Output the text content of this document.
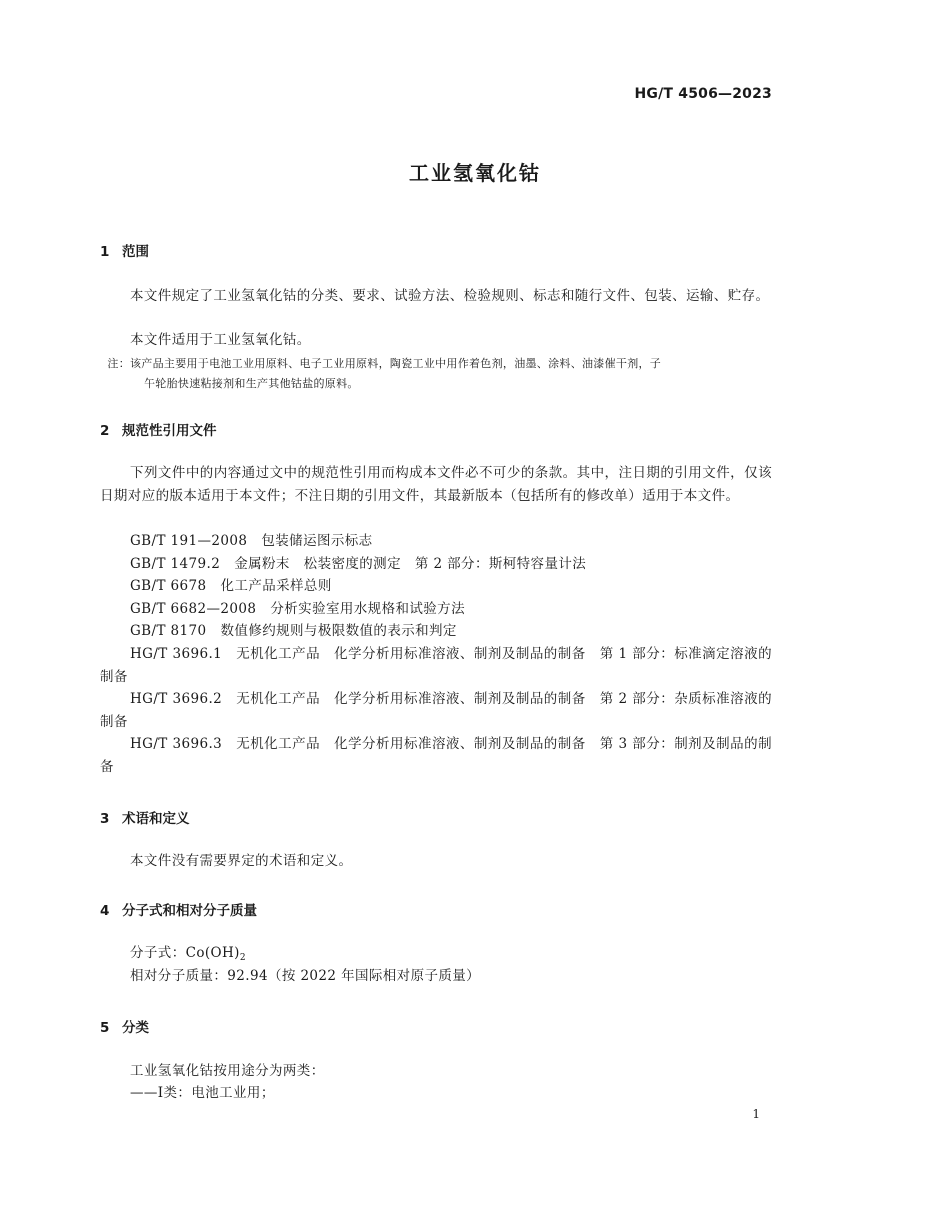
HG/T 4506—2023
工业氢氧化钴
1 范围
本文件规定了工业氢氧化钴的分类、要求、试验方法、检验规则、标志和随行文件、包装、运输、贮存。
本文件适用于工业氢氧化钴。
注：该产品主要用于电池工业用原料、电子工业用原料，陶瓷工业中用作着色剂，油墨、涂料、油漆催干剂，子
午轮胎快速粘接剂和生产其他钴盐的原料。
2 规范性引用文件
下列文件中的内容通过文中的规范性引用而构成本文件必不可少的条款。其中，注日期的引用文件，仅该日期对应的版本适用于本文件；不注日期的引用文件，其最新版本（包括所有的修改单）适用于本文件。
GB/T 191—2008 包装储运图示标志
GB/T 1479.2 金属粉末　松装密度的测定　第 2 部分：斯柯特容量计法
GB/T 6678 化工产品采样总则
GB/T 6682—2008 分析实验室用水规格和试验方法
GB/T 8170 数值修约规则与极限数值的表示和判定
HG/T 3696.1 无机化工产品　化学分析用标准溶液、制剂及制品的制备　第 1 部分：标准滴定溶液的制备
HG/T 3696.2 无机化工产品　化学分析用标准溶液、制剂及制品的制备　第 2 部分：杂质标准溶液的制备
HG/T 3696.3 无机化工产品　化学分析用标准溶液、制剂及制品的制备　第 3 部分：制剂及制品的制备
3 术语和定义
本文件没有需要界定的术语和定义。
4 分子式和相对分子质量
分子式：$Co(OH)_2$
相对分子质量：92.94（按 2022 年国际相对原子质量）
5 分类
工业氢氧化钴按用途分为两类：
——Ⅰ类：电池工业用；
1
